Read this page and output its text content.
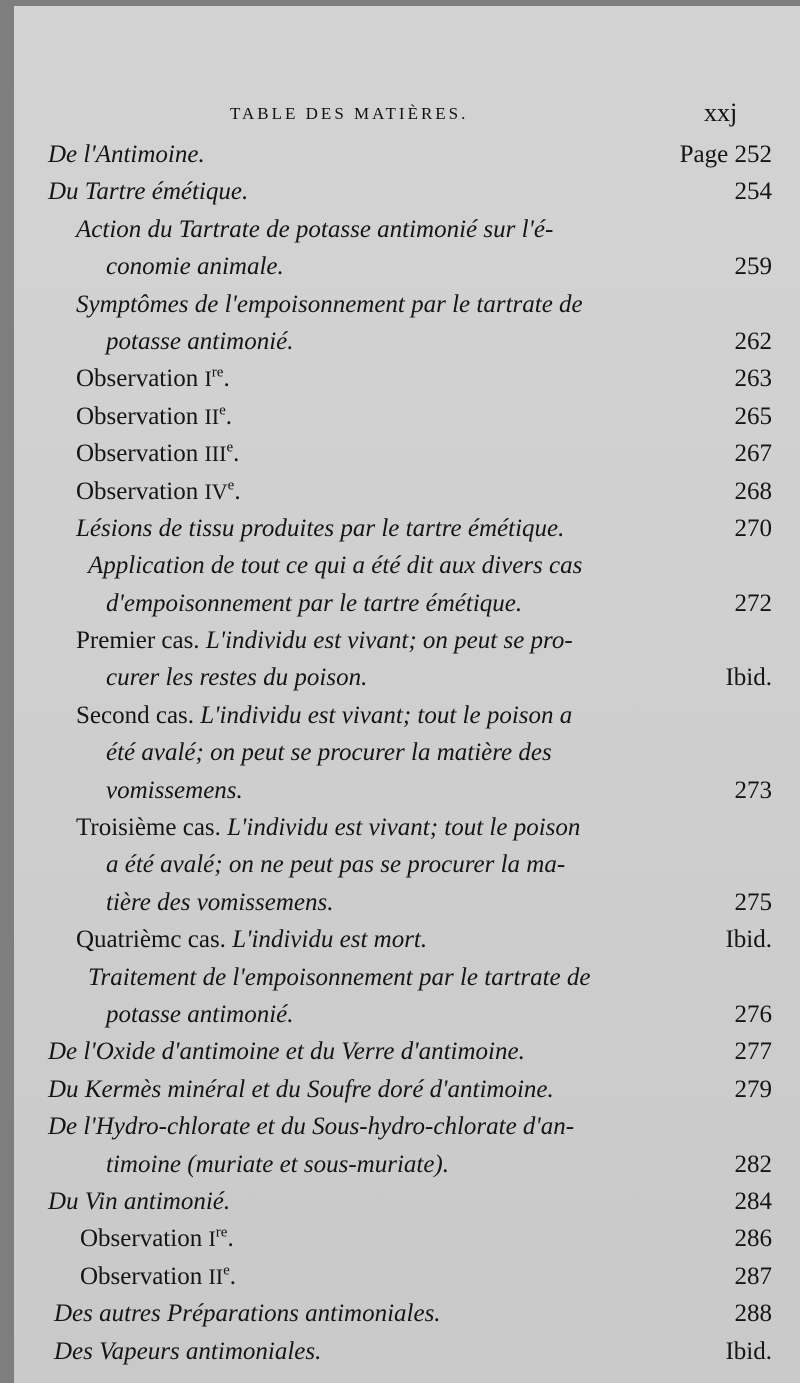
TABLE DES MATIÈRES.	xxj
De l'Antimoine.	Page 252
Du Tartre émétique.	254
Action du Tartrate de potasse antimonié sur l'é-
conomie animale.	259
Symptômes de l'empoisonnement par le tartrate de
potasse antimonié.	262
Observation Ire.	263
Observation IIe.	265
Observation IIIe.	267
Observation IVe.	268
Lésions de tissu produites par le tartre émétique.	270
Application de tout ce qui a été dit aux divers cas
d'empoisonnement par le tartre émétique.	272
Premier cas. L'individu est vivant; on peut se pro-
curer les restes du poison.	Ibid.
Second cas. L'individu est vivant; tout le poison a
été avalé; on peut se procurer la matière des
vomissemens.	273
Troisième cas. L'individu est vivant; tout le poison
a été avalé; on ne peut pas se procurer la ma-
tière des vomissemens.	275
Quatrièmc cas. L'individu est mort.	Ibid.
Traitement de l'empoisonnement par le tartrate de
potasse antimonié.	276
De l'Oxide d'antimoine et du Verre d'antimoine.	277
Du Kermès minéral et du Soufre doré d'antimoine.	279
De l'Hydro-chlorate et du Sous-hydro-chlorate d'an-
timoine (muriate et sous-muriate).	282
Du Vin antimonié.	284
Observation Ire.	286
Observation IIe.	287
Des autres Préparations antimoniales.	288
Des Vapeurs antimoniales.	Ibid.
